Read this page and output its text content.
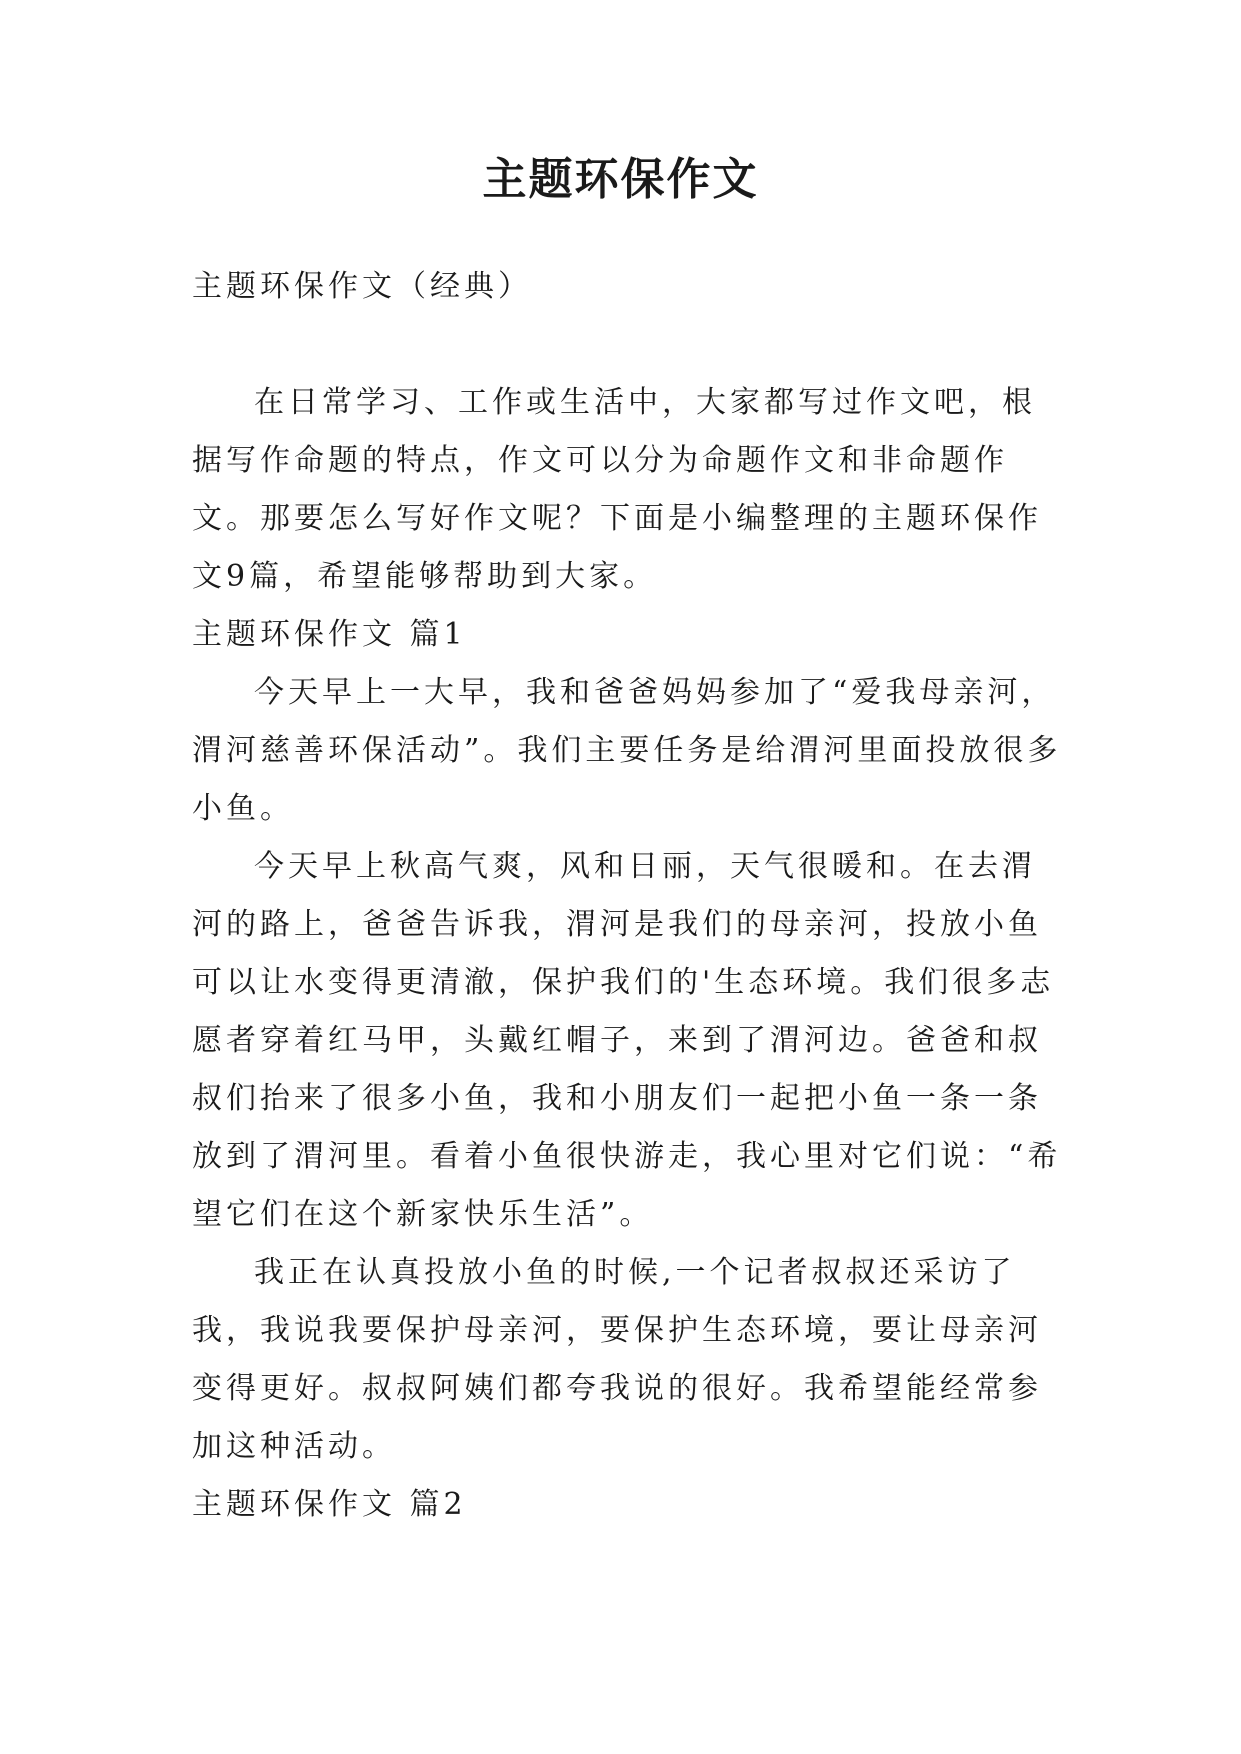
主题环保作文

主题环保作文（经典）

在日常学习、工作或生活中，大家都写过作文吧，根据写作命题的特点，作文可以分为命题作文和非命题作文。那要怎么写好作文呢？下面是小编整理的主题环保作文9篇，希望能够帮助到大家。

主题环保作文 篇1

今天早上一大早，我和爸爸妈妈参加了“爱我母亲河，渭河慈善环保活动”。我们主要任务是给渭河里面投放很多小鱼。

今天早上秋高气爽，风和日丽，天气很暖和。在去渭河的路上，爸爸告诉我，渭河是我们的母亲河，投放小鱼可以让水变得更清澈，保护我们的'生态环境。我们很多志愿者穿着红马甲，头戴红帽子，来到了渭河边。爸爸和叔叔们抬来了很多小鱼，我和小朋友们一起把小鱼一条一条放到了渭河里。看着小鱼很快游走，我心里对它们说：“希望它们在这个新家快乐生活”。

我正在认真投放小鱼的时候,一个记者叔叔还采访了我，我说我要保护母亲河，要保护生态环境，要让母亲河变得更好。叔叔阿姨们都夸我说的很好。我希望能经常参加这种活动。

主题环保作文 篇2
